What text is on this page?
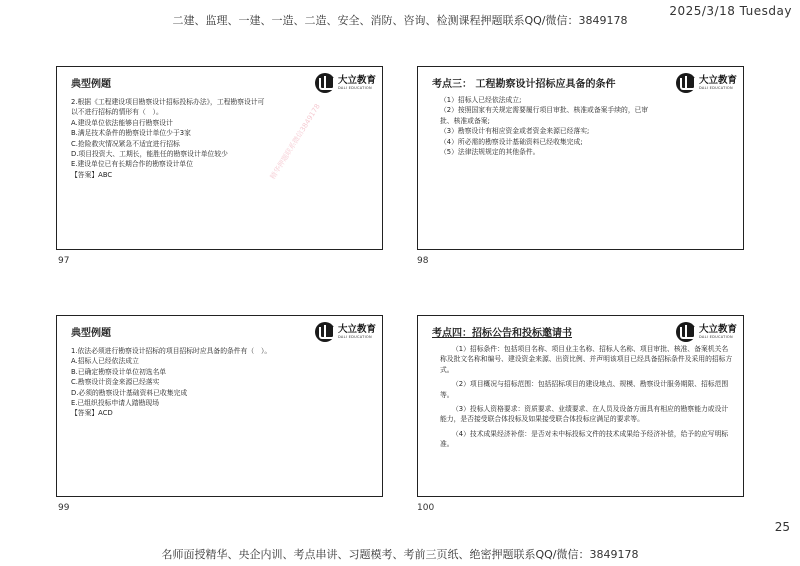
二建、监理、一建、一造、二造、安全、消防、咨询、检测课程押题联系QQ/微信：3849178
2025/3/18 Tuesday
典型例题	大立教育
DALI EDUCATION

2.根据《工程建设项目勘察设计招标投标办法》，工程勘察设计可

以不进行招标的情形有（　）。

A.建设单位依法能够自行勘察设计

B.满足技术条件的勘察设计单位少于3家

C.抢险救灾情况紧急不适宜进行招标

D.项目投资大、工期长，能胜任的勘察设计单位较少

E.建设单位已有长期合作的勘察设计单位

【答案】ABC

97
考点三： 工程勘察设计招标应具备的条件	大立教育
DALI EDUCATION

（1）招标人已经依法成立;

（2）按照国家有关规定需要履行项目审批、核准或备案手续的，已审

批、核准或备案;

（3）勘察设计有相应资金或者资金来源已经落实;

（4）所必需的勘察设计基础资料已经收集完成;

（5）法律法规规定的其他条件。

98
典型例题	大立教育
DALI EDUCATION

1.依法必须进行勘察设计招标的项目招标时应具备的条件有（　）。

A.招标人已经依法成立

B.已确定勘察设计单位初选名单

C.勘察设计资金来源已经落实

D.必须的勘察设计基础资料已收集完成

E.已组织投标申请人踏勘现场

【答案】ACD

99
考点四：招标公告和投标邀请书	大立教育
DALI EDUCATION

（1）招标条件：包括项目名称、项目业主名称、招标人名称、项目审批、核准、备案机关名称及批文名称和编号、建设资金来源、出资比例、并声明该项目已经具备招标条件及采用的招标方式。

（2）项目概况与招标范围：包括招标项目的建设地点、规模、勘察设计服务期限、招标范围等。

（3）投标人资格要求：资质要求、业绩要求、在人员及设备方面具有相应的勘察能力或设计能力，是否接受联合体投标及如果接受联合体投标应满足的要求等。

（4）技术成果经济补偿：是否对未中标投标文件的技术成果给予经济补偿，给予的应写明标准。

100
精华押题联系微信3849178
25
名师面授精华、央企内训、考点串讲、习题模考、考前三页纸、绝密押题联系QQ/微信：3849178
